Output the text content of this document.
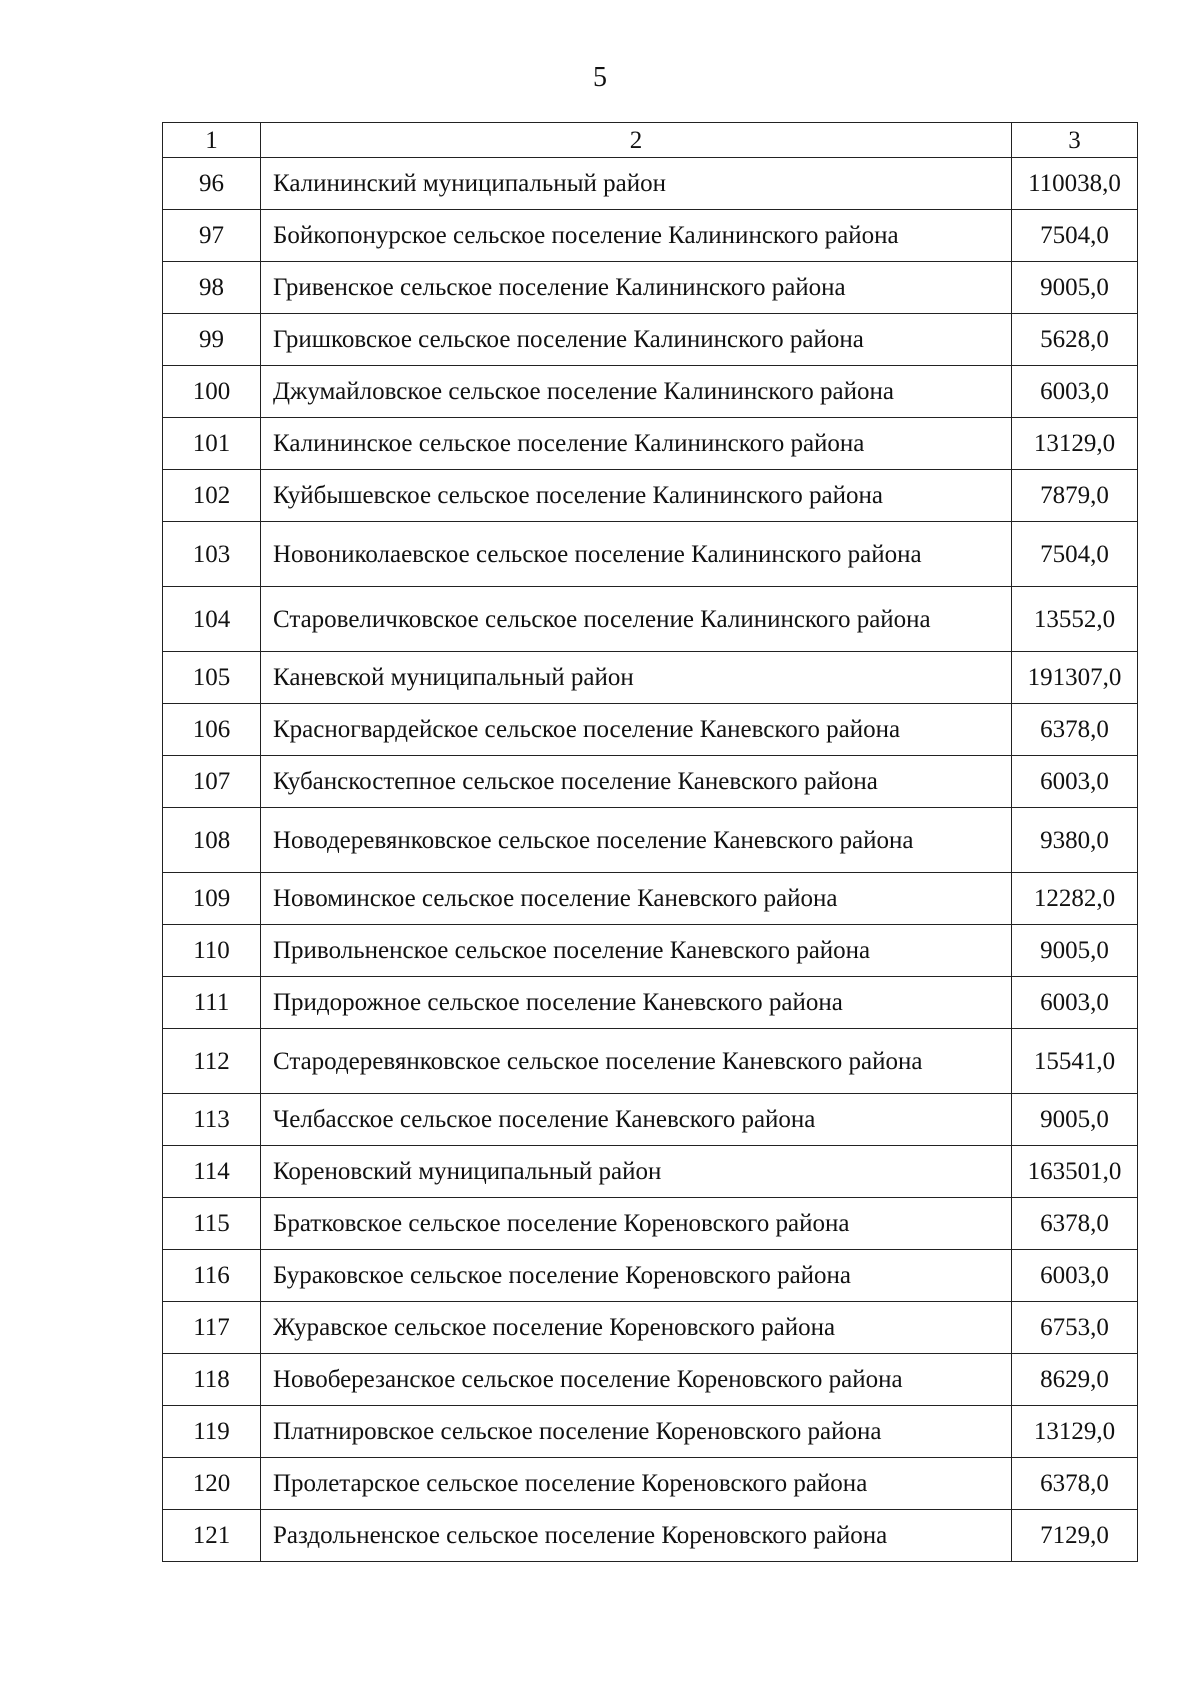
5
1	2	3
96	Калининский муниципальный район	110038,0
97	Бойкопонурское сельское поселение Калининского района	7504,0
98	Гривенское сельское поселение Калининского района	9005,0
99	Гришковское сельское поселение Калининского района	5628,0
100	Джумайловское сельское поселение Калининского района	6003,0
101	Калининское сельское поселение Калининского района	13129,0
102	Куйбышевское сельское поселение Калининского района	7879,0
103	Новониколаевское сельское поселение Калининского района	7504,0
104	Старовеличковское сельское поселение Калининского района	13552,0
105	Каневской муниципальный район	191307,0
106	Красногвардейское сельское поселение Каневского района	6378,0
107	Кубанскостепное сельское поселение Каневского района	6003,0
108	Новодеревянковское сельское поселение Каневского района	9380,0
109	Новоминское сельское поселение Каневского района	12282,0
110	Привольненское сельское поселение Каневского района	9005,0
111	Придорожное сельское поселение Каневского района	6003,0
112	Стародеревянковское сельское поселение Каневского района	15541,0
113	Челбасское сельское поселение Каневского района	9005,0
114	Кореновский муниципальный район	163501,0
115	Братковское сельское поселение Кореновского района	6378,0
116	Бураковское сельское поселение Кореновского района	6003,0
117	Журавское сельское поселение Кореновского района	6753,0
118	Новоберезанское сельское поселение Кореновского района	8629,0
119	Платнировское сельское поселение Кореновского района	13129,0
120	Пролетарское сельское поселение Кореновского района	6378,0
121	Раздольненское сельское поселение Кореновского района	7129,0
